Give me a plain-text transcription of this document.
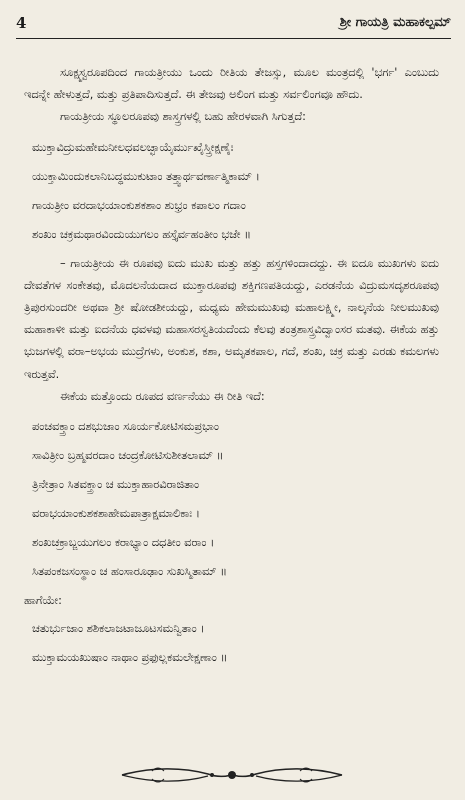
4	ಶ್ರೀ ಗಾಯತ್ರಿ ಮಹಾಕಲ್ಪಮ್

ಸೂಕ್ಷ್ಮಸ್ವರೂಪದಿಂದ ಗಾಯತ್ರೀಯು ಒಂದು ರೀತಿಯ ತೇಜಸ್ಸು, ಮೂಲ ಮಂತ್ರದಲ್ಲಿ 'ಭರ್ಗ' ಎಂಬುದು ಇದನ್ನೇ ಹೇಳುತ್ತದೆ, ಮತ್ತು ಪ್ರತಿಪಾದಿಸುತ್ತದೆ. ಈ ತೇಜವು ಅಲಿಂಗ ಮತ್ತು ಸರ್ವಲಿಂಗವೂ ಹೌದು.

ಗಾಯತ್ರೀಯ ಸ್ಥೂಲರೂಪವು ಶಾಸ್ತ್ರಗಳಲ್ಲಿ ಬಹು ಹೇರಳವಾಗಿ ಸಿಗುತ್ತದೆ:

ಮುಕ್ತಾವಿದ್ರುಮಹೇಮನೀಲಧವಲಚ್ಛಾಯೈರ್ಮುಖೈಸ್ತ್ರೀಕ್ಷಣೈಃ
ಯುಕ್ತಾಮಿಂದುಕಲಾನಿಬದ್ಧಮುಕುಟಾಂ ತತ್ತ್ವಾರ್ಥವರ್ಣಾತ್ಮಿಕಾಮ್ ।
ಗಾಯತ್ರೀಂ ವರದಾಭಯಾಂಕುಶಕಶಾಂ ಶುಭ್ರಂ ಕಪಾಲಂ ಗದಾಂ
ಶಂಖಂ ಚಕ್ರಮಥಾರವಿಂದುಯುಗಲಂ ಹಸ್ತೈರ್ವಹಂತೀಂ ಭಜೇ ॥

– ಗಾಯತ್ರೀಯ ಈ ರೂಪವು ಐದು ಮುಖ ಮತ್ತು ಹತ್ತು ಹಸ್ತಗಳಿಂದಾದದ್ದು. ಈ ಐದೂ ಮುಖಗಳು ಐದು ದೇವತೆಗಳ ಸಂಕೇತವು, ಮೊದಲನೆಯದಾದ ಮುಕ್ತಾರೂಪವು ಶಕ್ತಿಗಣಪತಿಯದ್ದು, ಎರಡನೆಯ ವಿದ್ರುಮಸದೃಶರೂಪವು ತ್ರಿಪುರಸುಂದರೀ ಅಥವಾ ಶ್ರೀ ಷೋಡಶೀಯದ್ದು, ಮಧ್ಯಮ ಹೇಮಮುಖವು ಮಹಾಲಕ್ಷ್ಮೀ, ನಾಲ್ಕನೆಯ ನೀಲಮುಖವು ಮಹಾಕಾಳೀ ಮತ್ತು ಐದನೆಯ ಧವಳವು ಮಹಾಸರಸ್ವತಿಯದೆಂದು ಕೆಲವು ತಂತ್ರಶಾಸ್ತ್ರವಿದ್ವಾಂಸರ ಮತವು. ಈಕೆಯ ಹತ್ತು ಭುಜಗಳಲ್ಲಿ ವರಾ–ಅಭಯ ಮುದ್ರೆಗಳು, ಅಂಕುಶ, ಕಶಾ, ಅಮೃತಕಪಾಲ, ಗದೆ, ಶಂಖ, ಚಕ್ರ ಮತ್ತು ಎರಡು ಕಮಲಗಳು ಇರುತ್ತವೆ.

ಈಕೆಯ ಮತ್ತೊಂದು ರೂಪದ ವರ್ಣನೆಯು ಈ ರೀತಿ ಇದೆ:

ಪಂಚವಕ್ತ್ರಾಂ ದಶಭುಜಾಂ ಸೂರ್ಯಕೋಟಿಸಮಪ್ರಭಾಂ
ಸಾವಿತ್ರೀಂ ಬ್ರಹ್ಮವರದಾಂ ಚಂದ್ರಕೋಟಿಸುಶೀತಲಾಮ್ ॥
ತ್ರಿನೇತ್ರಾಂ ಸಿತವಕ್ತ್ರಾಂ ಚ ಮುಕ್ತಾಹಾರವಿರಾಜಿತಾಂ
ವರಾಭಯಾಂಕುಶಕಶಾಹೇಮಪಾತ್ರಾಕ್ಷಮಾಲಿಕಾಃ ।
ಶಂಖಚಕ್ರಾಬ್ಜಯುಗಲಂ ಕರಾಭ್ಯಾಂ ದಧತೀಂ ವರಾಂ ।
ಸಿತಪಂಕಜಸಂಸ್ಥಾಂ ಚ ಹಂಸಾರೂಢಾಂ ಸುಖಸ್ಮಿತಾಮ್ ॥
ಹಾಗೆಯೇ:
ಚತುರ್ಭುಜಾಂ ಶಶಿಕಲಾಜಟಾಜೂಟಸಮನ್ವಿತಾಂ ।
ಮುಕ್ತಾಮಯಖುಷಾಂ ನಾಥಾಂ ಪ್ರಫುಲ್ಲಕಮಲೇಕ್ಷಣಾಂ ॥
